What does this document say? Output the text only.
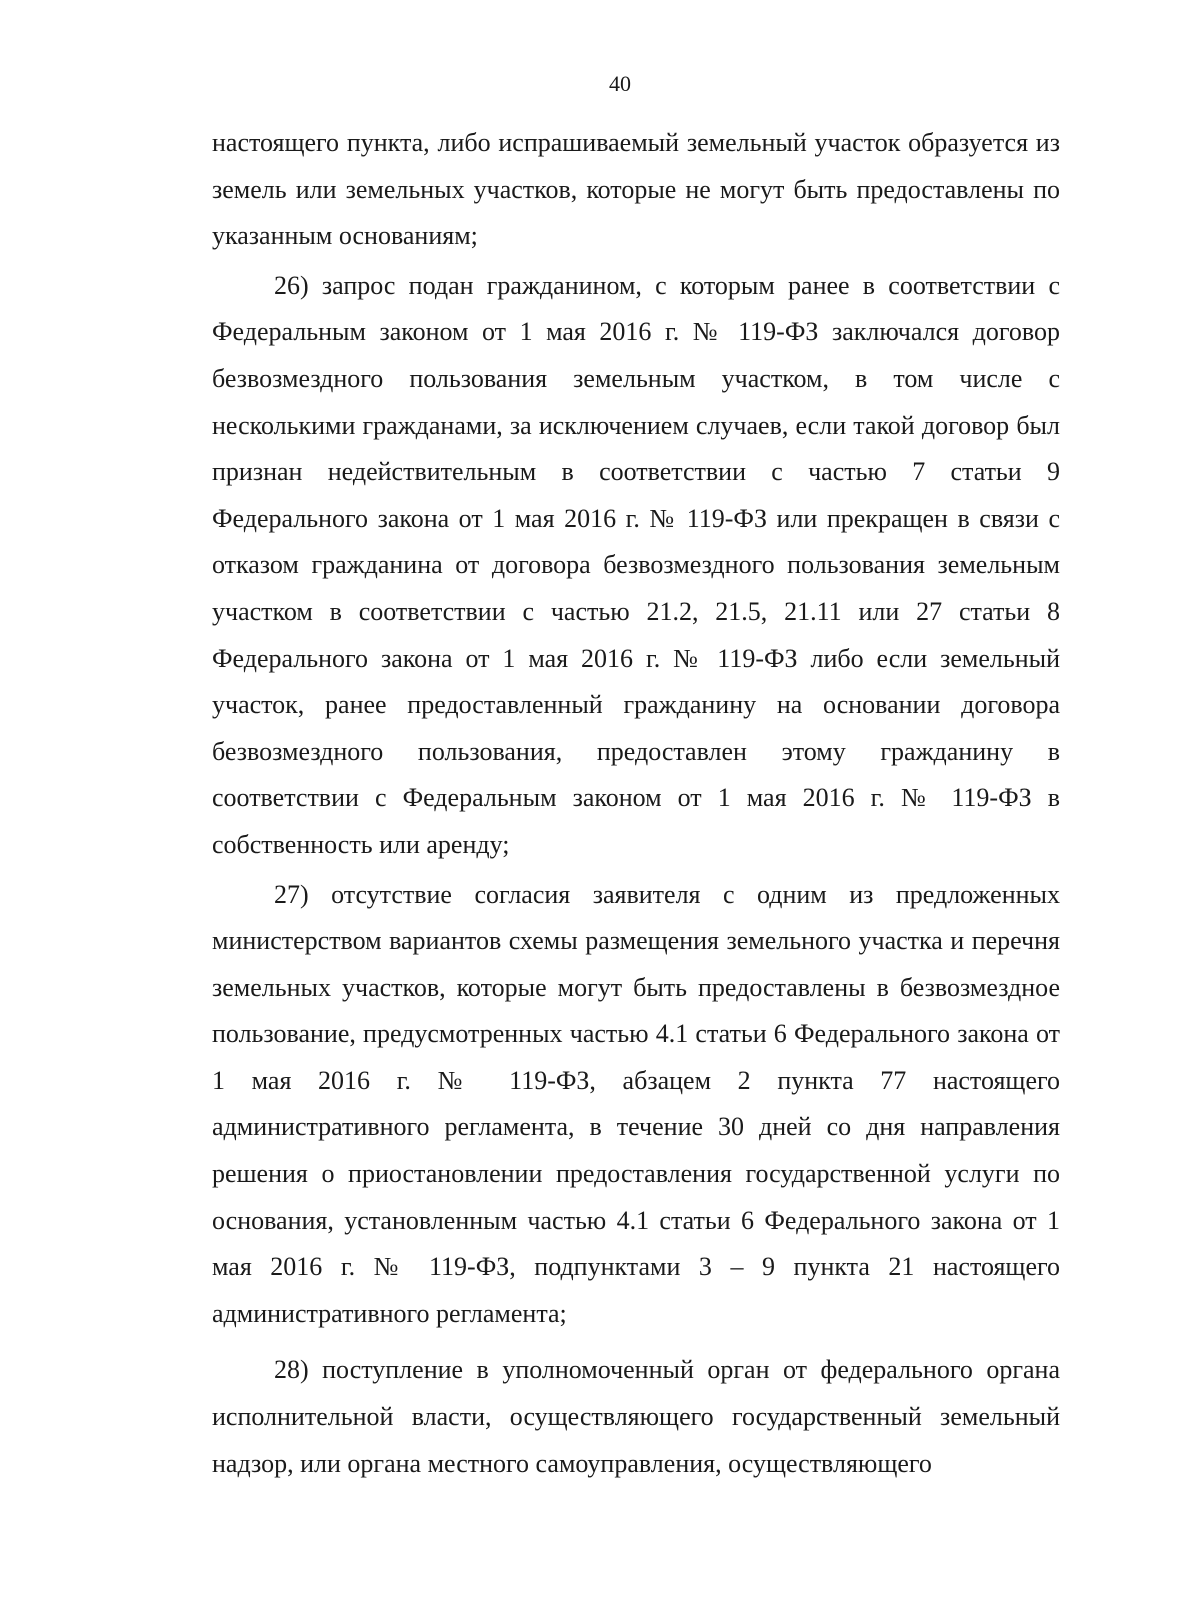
40

настоящего пункта, либо испрашиваемый земельный участок образуется из земель или земельных участков, которые не могут быть предоставлены по указанным основаниям;

26) запрос подан гражданином, с которым ранее в соответствии с Федеральным законом от 1 мая 2016 г. № 119-ФЗ заключался договор безвозмездного пользования земельным участком, в том числе с несколькими гражданами, за исключением случаев, если такой договор был признан недействительным в соответствии с частью 7 статьи 9 Федерального закона от 1 мая 2016 г. № 119-ФЗ или прекращен в связи с отказом гражданина от договора безвозмездного пользования земельным участком в соответствии с частью 21.2, 21.5, 21.11 или 27 статьи 8 Федерального закона от 1 мая 2016 г. № 119-ФЗ либо если земельный участок, ранее предоставленный гражданину на основании договора безвозмездного пользования, предоставлен этому гражданину в соответствии с Федеральным законом от 1 мая 2016 г. № 119-ФЗ в собственность или аренду;

27) отсутствие согласия заявителя с одним из предложенных министерством вариантов схемы размещения земельного участка и перечня земельных участков, которые могут быть предоставлены в безвозмездное пользование, предусмотренных частью 4.1 статьи 6 Федерального закона от 1 мая 2016 г. № 119-ФЗ, абзацем 2 пункта 77 настоящего административного регламента, в течение 30 дней со дня направления решения о приостановлении предоставления государственной услуги по основания, установленным частью 4.1 статьи 6 Федерального закона от 1 мая 2016 г. № 119-ФЗ, подпунктами 3 – 9 пункта 21 настоящего административного регламента;

28) поступление в уполномоченный орган от федерального органа исполнительной власти, осуществляющего государственный земельный надзор, или органа местного самоуправления, осуществляющего
